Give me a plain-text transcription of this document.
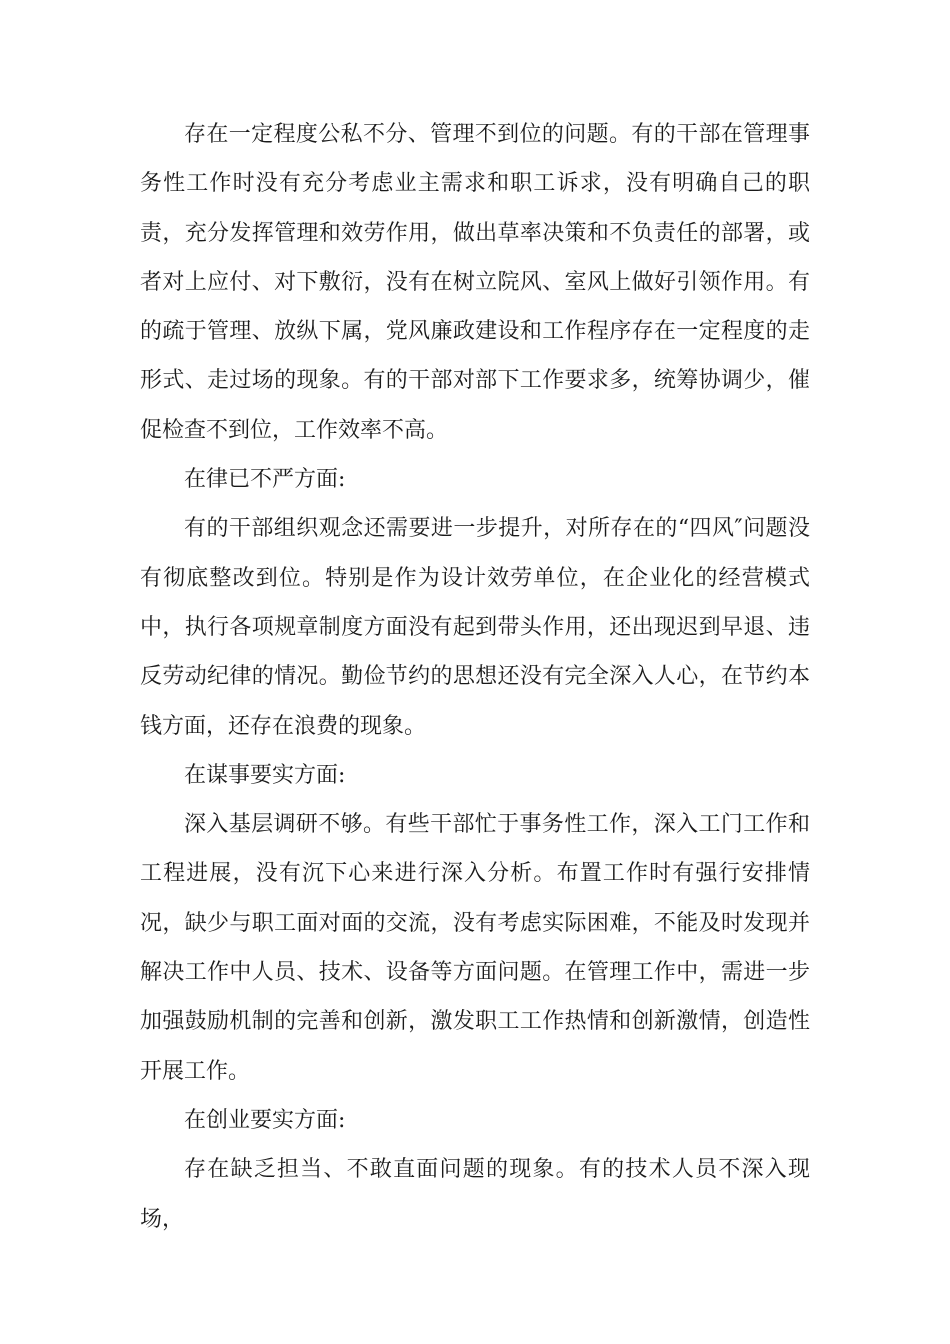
存在一定程度公私不分、管理不到位的问题。有的干部在管理事务性工作时没有充分考虑业主需求和职工诉求，没有明确自己的职责，充分发挥管理和效劳作用，做出草率决策和不负责任的部署，或者对上应付、对下敷衍，没有在树立院风、室风上做好引领作用。有的疏于管理、放纵下属，党风廉政建设和工作程序存在一定程度的走形式、走过场的现象。有的干部对部下工作要求多，统筹协调少，催促检查不到位，工作效率不高。

在律已不严方面:

有的干部组织观念还需要进一步提升，对所存在的“四风″问题没有彻底整改到位。特别是作为设计效劳单位，在企业化的经营模式中，执行各项规章制度方面没有起到带头作用，还出现迟到早退、违反劳动纪律的情况。勤俭节约的思想还没有完全深入人心，在节约本钱方面，还存在浪费的现象。

在谋事要实方面:

深入基层调研不够。有些干部忙于事务性工作，深入工门工作和工程进展，没有沉下心来进行深入分析。布置工作时有强行安排情况，缺少与职工面对面的交流，没有考虑实际困难，不能及时发现并解决工作中人员、技术、设备等方面问题。在管理工作中，需进一步加强鼓励机制的完善和创新，激发职工工作热情和创新激情，创造性开展工作。

在创业要实方面:

存在缺乏担当、不敢直面问题的现象。有的技术人员不深入现场，
